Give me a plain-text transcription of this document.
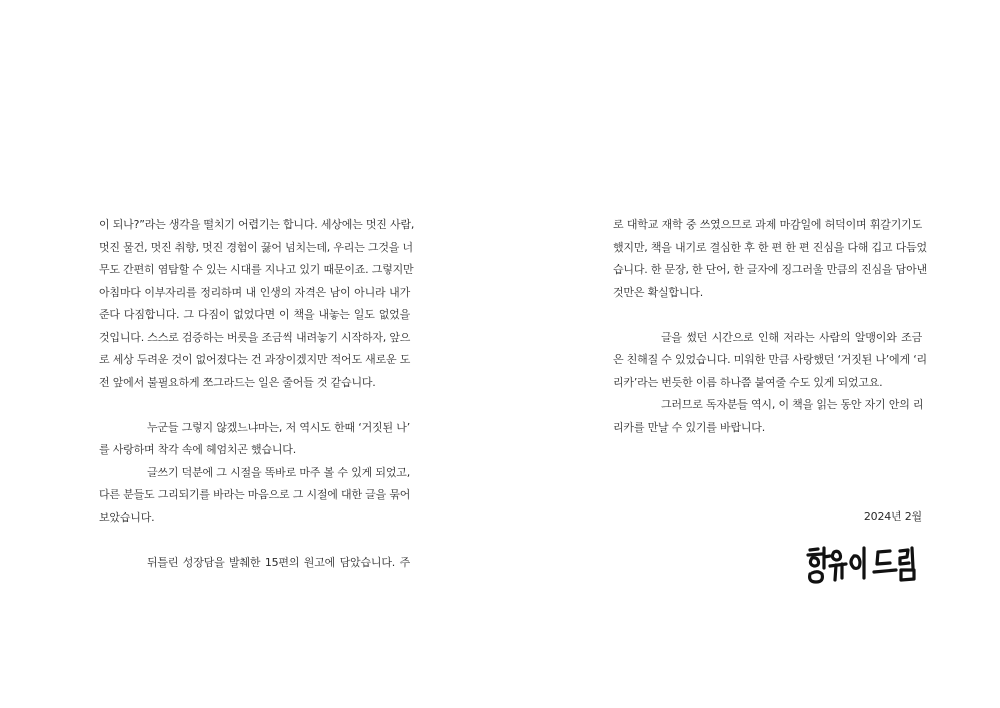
이 되나?”라는 생각을 떨치기 어렵기는 합니다. 세상에는 멋진 사람,
멋진 물건, 멋진 취향, 멋진 경험이 끓어 넘치는데, 우리는 그것을 너
무도 간편히 염탐할 수 있는 시대를 지나고 있기 때문이죠. 그렇지만
아침마다 이부자리를 정리하며 내 인생의 자격은 남이 아니라 내가
준다 다짐합니다. 그 다짐이 없었다면 이 책을 내놓는 일도 없었을
것입니다. 스스로 검증하는 버릇을 조금씩 내려놓기 시작하자, 앞으
로 세상 두려운 것이 없어졌다는 건 과장이겠지만 적어도 새로운 도
전 앞에서 불필요하게 쪼그라드는 일은 줄어들 것 같습니다.

누군들 그렇지 않겠느냐마는, 저 역시도 한때 ‘거짓된 나’
를 사랑하며 착각 속에 헤엄치곤 했습니다.
글쓰기 덕분에 그 시절을 똑바로 마주 볼 수 있게 되었고,
다른 분들도 그리되기를 바라는 마음으로 그 시절에 대한 글을 묶어
보았습니다.

뒤틀린 성장담을 발췌한 15편의 원고에 담았습니다. 주

로 대학교 재학 중 쓰였으므로 과제 마감일에 허덕이며 휘갈기기도
했지만, 책을 내기로 결심한 후 한 편 한 편 진심을 다해 깁고 다듬었
습니다. 한 문장, 한 단어, 한 글자에 징그러울 만큼의 진심을 담아낸
것만은 확실합니다.

글을 썼던 시간으로 인해 저라는 사람의 알맹이와 조금
은 친해질 수 있었습니다. 미워한 만큼 사랑했던 ‘거짓된 나’에게 ‘리
리카’라는 번듯한 이름 하나쯤 붙여줄 수도 있게 되었고요.
그러므로 독자분들 역시, 이 책을 읽는 동안 자기 안의 리
리카를 만날 수 있기를 바랍니다.

2024년 2월
